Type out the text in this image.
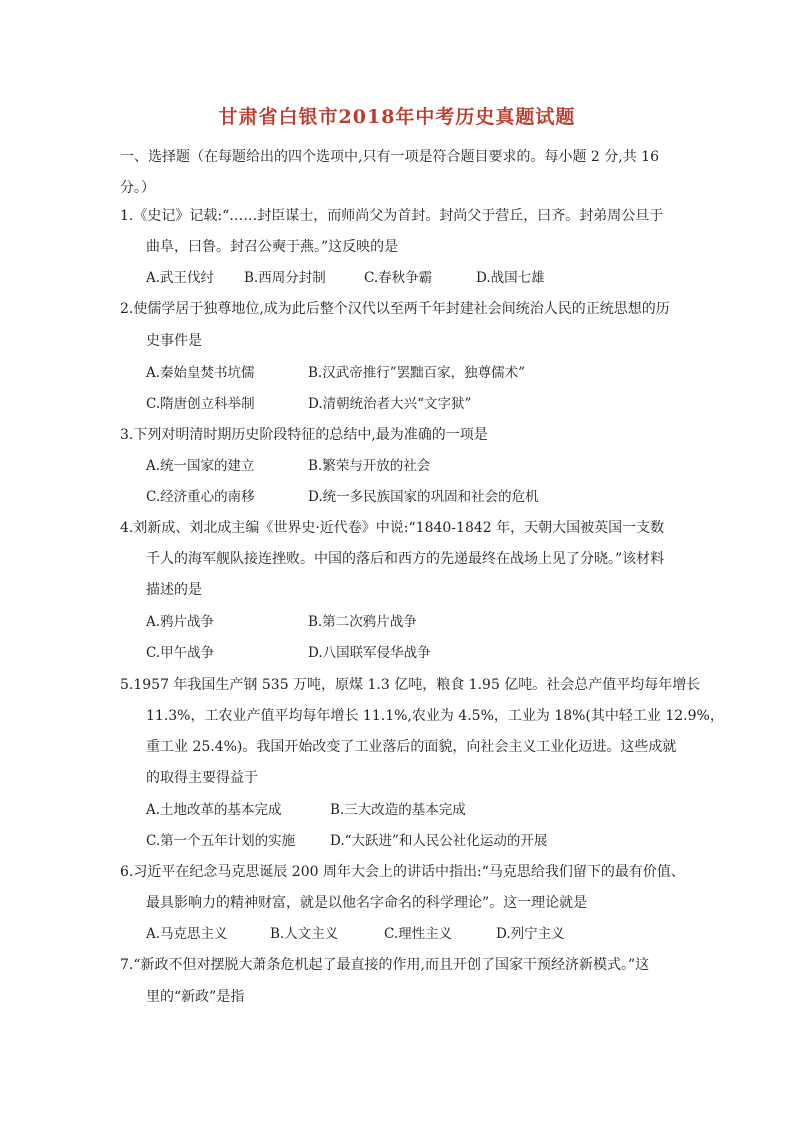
甘肃省白银市2018年中考历史真题试题
一、选择题（在每题给出的四个选项中,只有一项是符合题目要求的。每小题 2 分,共 16
分。）
1.《史记》记载:“……封臣谋士，而师尚父为首封。封尚父于营丘，曰齐。封弟周公旦于
曲阜，曰鲁。封召公奭于燕。”这反映的是
A.武王伐纣 B.西周分封制	C.春秋争霸	D.战国七雄
2.使儒学居于独尊地位,成为此后整个汉代以至两千年封建社会间统治人民的正统思想的历
史事件是
A.秦始皇焚书坑儒	B.汉武帝推行”罢黜百家，独尊儒术”
C.隋唐创立科举制	D.清朝统治者大兴“文字狱”
3.下列对明清时期历史阶段特征的总结中,最为准确的一项是
A.统一国家的建立	B.繁荣与开放的社会
C.经济重心的南移	D.统一多民族国家的巩固和社会的危机
4.刘新成、刘北成主编《世界史·近代卷》中说:“1840-1842 年，天朝大国被英国一支数
千人的海军舰队接连挫败。中国的落后和西方的先递最终在战场上见了分晓。”该材料
描述的是
A.鸦片战争	B.第二次鸦片战争
C.甲午战争	D.八国联军侵华战争
5.1957 年我国生产钢 535 万吨，原煤 1.3 亿吨，粮食 1.95 亿吨。社会总产值平均每年增长
11.3%，工农业产值平均每年增长 11.1%,农业为 4.5%，工业为 18%(其中轻工业 12.9%，
重工业 25.4%)。我国开始改变了工业落后的面貌，向社会主义工业化迈进。这些成就
的取得主要得益于
A.土地改革的基本完成	B.三大改造的基本完成
C.第一个五年计划的实施	D.“大跃进”和人民公社化运动的开展
6.习近平在纪念马克思诞辰 200 周年大会上的讲话中指出:“马克思给我们留下的最有价值、
最具影响力的精神财富，就是以他名字命名的科学理论”。这一理论就是
A.马克思主义	B.人文主义	C.理性主义	D.列宁主义
7.“新政不但对摆脱大萧条危机起了最直接的作用,而且开创了国家干预经济新模式。”这
里的“新政”是指
